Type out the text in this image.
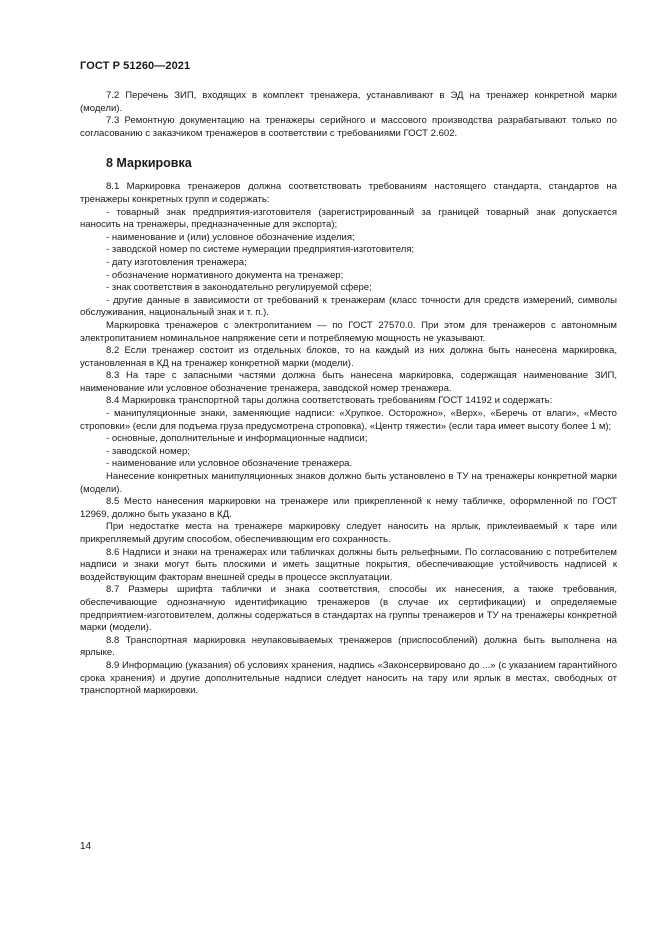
ГОСТ Р 51260—2021

7.2 Перечень ЗИП, входящих в комплект тренажера, устанавливают в ЭД на тренажер конкретной марки (модели).

7.3 Ремонтную документацию на тренажеры серийного и массового производства разрабатывают только по согласованию с заказчиком тренажеров в соответствии с требованиями ГОСТ 2.602.

8 Маркировка

8.1 Маркировка тренажеров должна соответствовать требованиям настоящего стандарта, стандартов на тренажеры конкретных групп и содержать:

- товарный знак предприятия-изготовителя (зарегистрированный за границей товарный знак допускается наносить на тренажеры, предназначенные для экспорта);

- наименование и (или) условное обозначение изделия;

- заводской номер по системе нумерации предприятия-изготовителя;

- дату изготовления тренажера;

- обозначение нормативного документа на тренажер;

- знак соответствия в законодательно регулируемой сфере;

- другие данные в зависимости от требований к тренажерам (класс точности для средств измерений, символы обслуживания, национальный знак и т. п.).

Маркировка тренажеров с электропитанием — по ГОСТ 27570.0. При этом для тренажеров с автономным электропитанием номинальное напряжение сети и потребляемую мощность не указывают.

8.2 Если тренажер состоит из отдельных блоков, то на каждый из них должна быть нанесена маркировка, установленная в КД на тренажер конкретной марки (модели).

8.3 На таре с запасными частями должна быть нанесена маркировка, содержащая наименование ЗИП, наименование или условное обозначение тренажера, заводской номер тренажера.

8.4 Маркировка транспортной тары должна соответствовать требованиям ГОСТ 14192 и содержать:

- манипуляционные знаки, заменяющие надписи: «Хрупкое. Осторожно», «Верх», «Беречь от влаги», «Место строповки» (если для подъема груза предусмотрена строповка), «Центр тяжести» (если тара имеет высоту более 1 м);

- основные, дополнительные и информационные надписи;

- заводской номер;

- наименование или условное обозначение тренажера.

Нанесение конкретных манипуляционных знаков должно быть установлено в ТУ на тренажеры конкретной марки (модели).

8.5 Место нанесения маркировки на тренажере или прикрепленной к нему табличке, оформленной по ГОСТ 12969, должно быть указано в КД.

При недостатке места на тренажере маркировку следует наносить на ярлык, приклеиваемый к таре или прикрепляемый другим способом, обеспечивающим его сохранность.

8.6 Надписи и знаки на тренажерах или табличках должны быть рельефными. По согласованию с потребителем надписи и знаки могут быть плоскими и иметь защитные покрытия, обеспечивающие устойчивость надписей к воздействующим факторам внешней среды в процессе эксплуатации.

8.7 Размеры шрифта таблички и знака соответствия, способы их нанесения, а также требования, обеспечивающие однозначную идентификацию тренажеров (в случае их сертификации) и определяемые предприятием-изготовителем, должны содержаться в стандартах на группы тренажеров и ТУ на тренажеры конкретной марки (модели).

8.8 Транспортная маркировка неупаковываемых тренажеров (приспособлений) должна быть выполнена на ярлыке.

8.9 Информацию (указания) об условиях хранения, надпись «Законсервировано до ...» (с указанием гарантийного срока хранения) и другие дополнительные надписи следует наносить на тару или ярлык в местах, свободных от транспортной маркировки.

14
